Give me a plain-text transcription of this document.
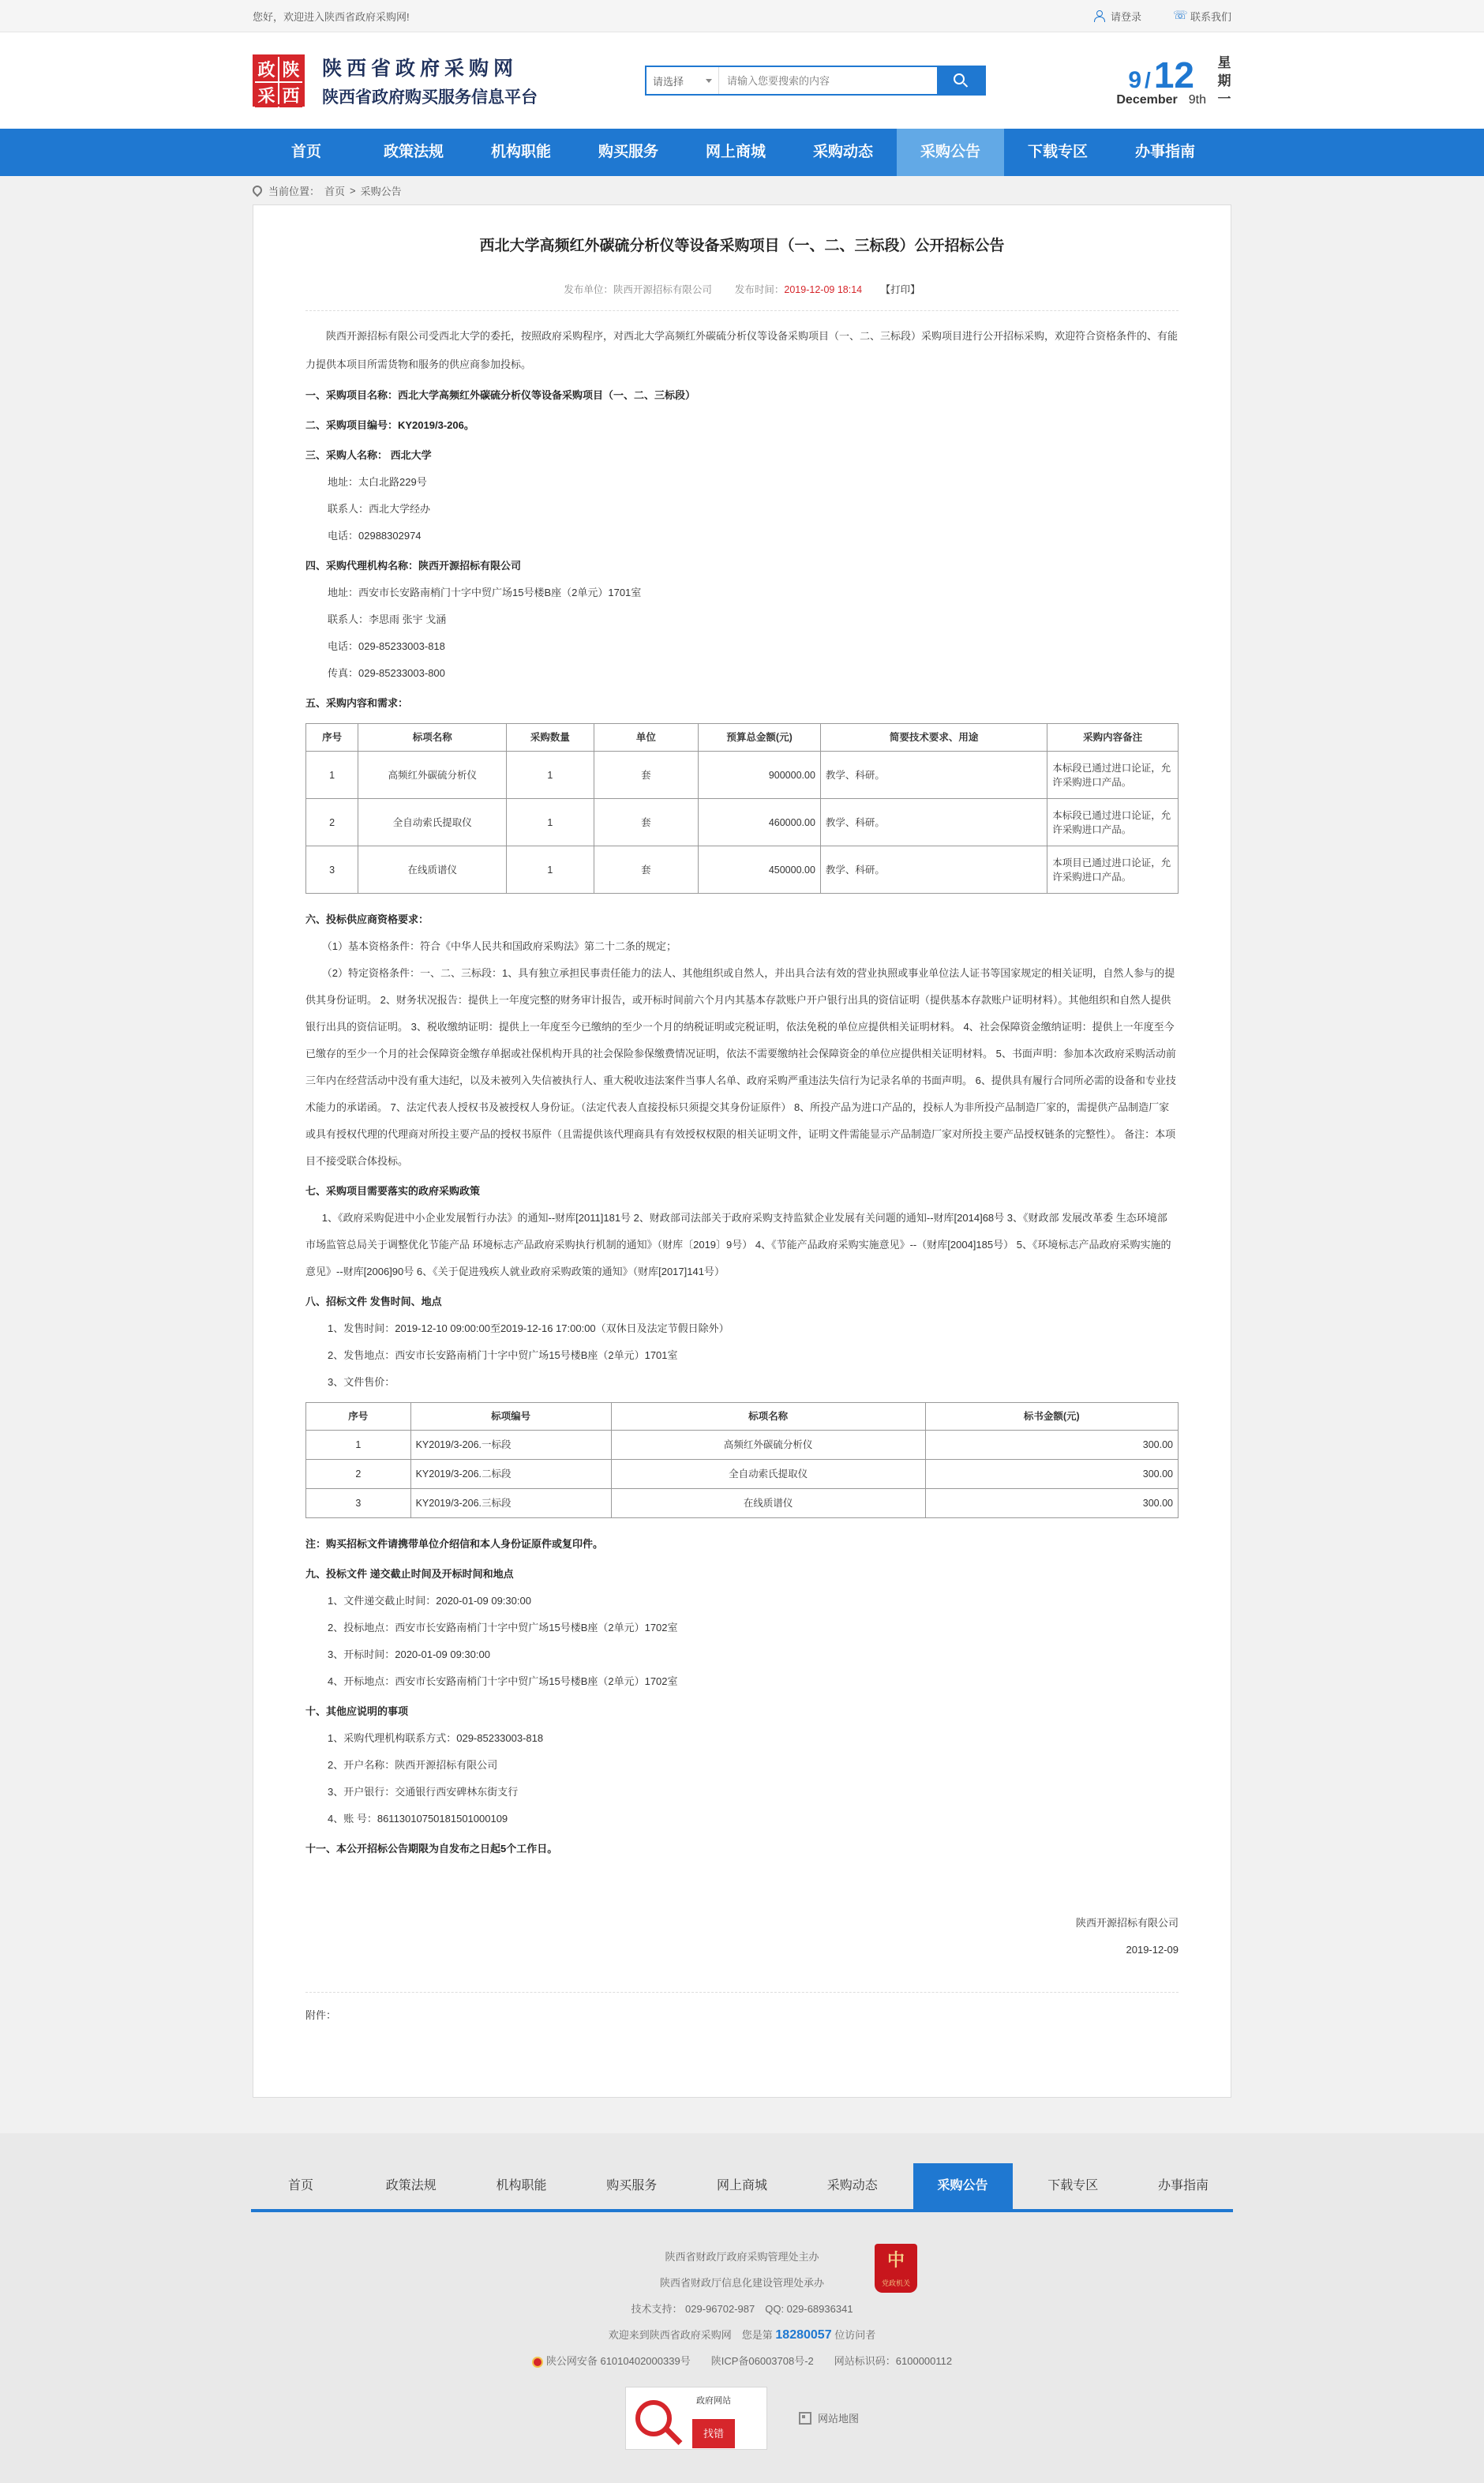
您好，欢迎进入陕西省政府采购网!	请登录 ☏	联系我们
政 陕
采 西
陕西省政府采购网
陕西省政府购买服务信息平台
请选择
请输入您要搜索的内容	9 /12
December 9th
星
期
一
首页	政策法规	机构职能	购买服务	网上商城	采购动态	采购公告	下载专区	办事指南
当前位置： 首页 > 采购公告
西北大学高频红外碳硫分析仪等设备采购项目（一、二、三标段）公开招标公告
发布单位：陕西开源招标有限公司 发布时间：2019-12-09 18:14 【打印】

陕西开源招标有限公司受西北大学的委托，按照政府采购程序，对西北大学高频红外碳硫分析仪等设备采购项目（一、二、三标段）采购项目进行公开招标采购，欢迎符合资格条件的、有能力提供本项目所需货物和服务的供应商参加投标。

一、采购项目名称：西北大学高频红外碳硫分析仪等设备采购项目（一、二、三标段）

二、采购项目编号：KY2019/3-206。

三、采购人名称： 西北大学

地址：太白北路229号

联系人：西北大学经办

电话：02988302974

四、采购代理机构名称：陕西开源招标有限公司

地址：西安市长安路南梢门十字中贸广场15号楼B座（2单元）1701室

联系人：李思雨 张宇 戈涵

电话：029-85233003-818

传真：029-85233003-800

五、采购内容和需求：

序号	标项名称	采购数量	单位	预算总金额(元)	简要技术要求、用途	采购内容备注
1	高频红外碳硫分析仪	1	套	900000.00	教学、科研。	本标段已通过进口论证，允许采购进口产品。
2	全自动索氏提取仪	1	套	460000.00	教学、科研。	本标段已通过进口论证，允许采购进口产品。
3	在线质谱仪	1	套	450000.00	教学、科研。	本项目已通过进口论证，允许采购进口产品。

六、投标供应商资格要求：

（1）基本资格条件：符合《中华人民共和国政府采购法》第二十二条的规定；

（2）特定资格条件：一、二、三标段：1、具有独立承担民事责任能力的法人、其他组织或自然人，并出具合法有效的营业执照或事业单位法人证书等国家规定的相关证明，自然人参与的提供其身份证明。 2、财务状况报告：提供上一年度完整的财务审计报告，或开标时间前六个月内其基本存款账户开户银行出具的资信证明（提供基本存款账户证明材料）。其他组织和自然人提供银行出具的资信证明。 3、税收缴纳证明：提供上一年度至今已缴纳的至少一个月的纳税证明或完税证明，依法免税的单位应提供相关证明材料。 4、社会保障资金缴纳证明：提供上一年度至今已缴存的至少一个月的社会保障资金缴存单据或社保机构开具的社会保险参保缴费情况证明，依法不需要缴纳社会保障资金的单位应提供相关证明材料。 5、书面声明：参加本次政府采购活动前三年内在经营活动中没有重大违纪，以及未被列入失信被执行人、重大税收违法案件当事人名单、政府采购严重违法失信行为记录名单的书面声明。 6、提供具有履行合同所必需的设备和专业技术能力的承诺函。 7、法定代表人授权书及被授权人身份证。（法定代表人直接投标只须提交其身份证原件） 8、所投产品为进口产品的，投标人为非所投产品制造厂家的，需提供产品制造厂家或具有授权代理的代理商对所投主要产品的授权书原件（且需提供该代理商具有有效授权权限的相关证明文件，证明文件需能显示产品制造厂家对所投主要产品授权链条的完整性）。 备注：本项目不接受联合体投标。

七、采购项目需要落实的政府采购政策

1、《政府采购促进中小企业发展暂行办法》的通知--财库[2011]181号 2、财政部司法部关于政府采购支持监狱企业发展有关问题的通知--财库[2014]68号 3、《财政部 发展改革委 生态环境部 市场监管总局关于调整优化节能产品 环境标志产品政府采购执行机制的通知》（财库〔2019〕9号） 4、《节能产品政府采购实施意见》--（财库[2004]185号） 5、《环境标志产品政府采购实施的意见》--财库[2006]90号 6、《关于促进残疾人就业政府采购政策的通知》（财库[2017]141号）

八、招标文件 发售时间、地点

1、发售时间：2019-12-10 09:00:00至2019-12-16 17:00:00（双休日及法定节假日除外）

2、发售地点：西安市长安路南梢门十字中贸广场15号楼B座（2单元）1701室

3、文件售价：

序号	标项编号	标项名称	标书金额(元)
1	KY2019/3-206.一标段	高频红外碳硫分析仪	300.00
2	KY2019/3-206.二标段	全自动索氏提取仪	300.00
3	KY2019/3-206.三标段	在线质谱仪	300.00

注：购买招标文件请携带单位介绍信和本人身份证原件或复印件。

九、投标文件 递交截止时间及开标时间和地点

1、文件递交截止时间：2020-01-09 09:30:00

2、投标地点：西安市长安路南梢门十字中贸广场15号楼B座（2单元）1702室

3、开标时间：2020-01-09 09:30:00

4、开标地点：西安市长安路南梢门十字中贸广场15号楼B座（2单元）1702室

十、其他应说明的事项

1、采购代理机构联系方式：029-85233003-818

2、开户名称：陕西开源招标有限公司

3、开户银行：交通银行西安碑林东街支行

4、账 号：861130107501815010001​09

十一、本公开招标公告期限为自发布之日起5个工作日。

陕西开源招标有限公司

2019-12-09

附件：
首页	政策法规	机构职能	购买服务	网上商城	采购动态	采购公告	下载专区	办事指南
中
党政机关
陕西省财政厅政府采购管理处主办
陕西省财政厅信息化建设管理处承办
技术支持： 029-96702-987　QQ: 029-68936341
欢迎来到陕西省政府采购网　您是第 18280057 位访问者
陕公网安备 61010402000339号 陕ICP备06003708号-2 网站标识码：6100000112
政府网站
找错
网站地图
